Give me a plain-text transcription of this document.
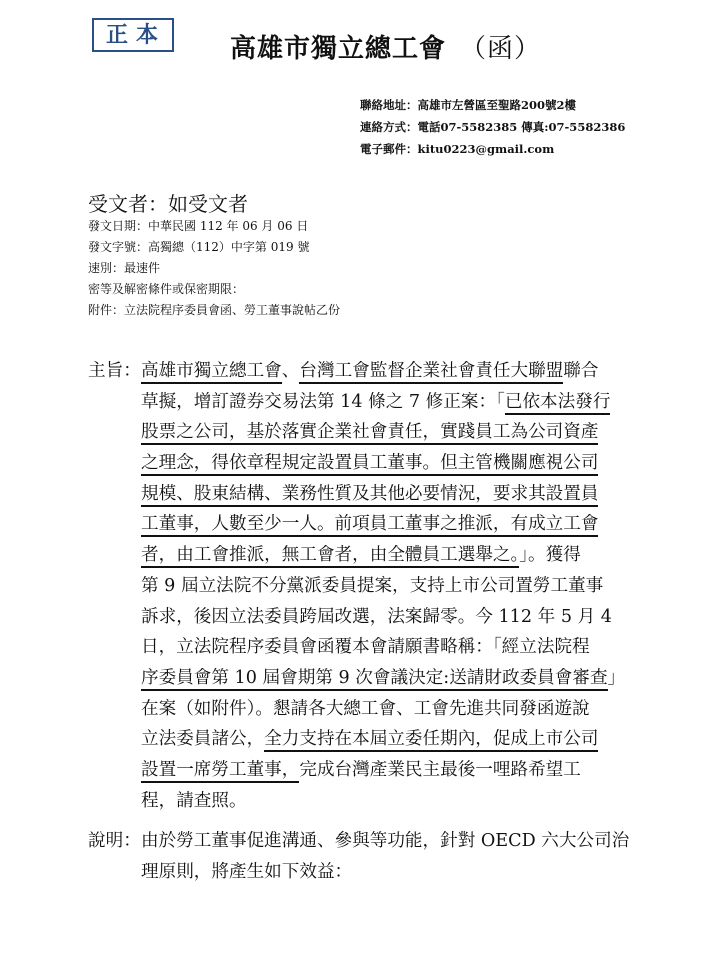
正本	高雄市獨立總工會 （函）
聯絡地址：高雄市左營區至聖路200號2樓
連絡方式：電話07-5582385 傳真:07-5582386
電子郵件：kitu0223@gmail.com
受文者：如受文者
發文日期：中華民國 112 年 06 月 06 日
發文字號：高獨總（112）中字第 019 號
速別：最速件
密等及解密條件或保密期限：
附件：立法院程序委員會函、勞工董事說帖乙份
主旨： 高雄市獨立總工會、台灣工會監督企業社會責任大聯盟聯合
草擬，增訂證券交易法第 14 條之 7 修正案：「已依本法發行
股票之公司，基於落實企業社會責任，實踐員工為公司資產
之理念，得依章程規定設置員工董事。但主管機關應視公司
規模、股東結構、業務性質及其他必要情況，要求其設置員
工董事，人數至少一人。前項員工董事之推派，有成立工會
者，由工會推派，無工會者，由全體員工選舉之。」。獲得
第 9 屆立法院不分黨派委員提案，支持上市公司置勞工董事
訴求，後因立法委員跨屆改選，法案歸零。今 112 年 5 月 4
日，立法院程序委員會函覆本會請願書略稱：「經立法院程
序委員會第 10 屆會期第 9 次會議決定:送請財政委員會審查」
在案（如附件）。懇請各大總工會、工會先進共同發函遊說
立法委員諸公，全力支持在本屆立委任期內，促成上市公司
設置一席勞工董事，完成台灣產業民主最後一哩路希望工
程，請查照。
說明： 由於勞工董事促進溝通、參與等功能，針對 OECD 六大公司治
理原則，將產生如下效益：
